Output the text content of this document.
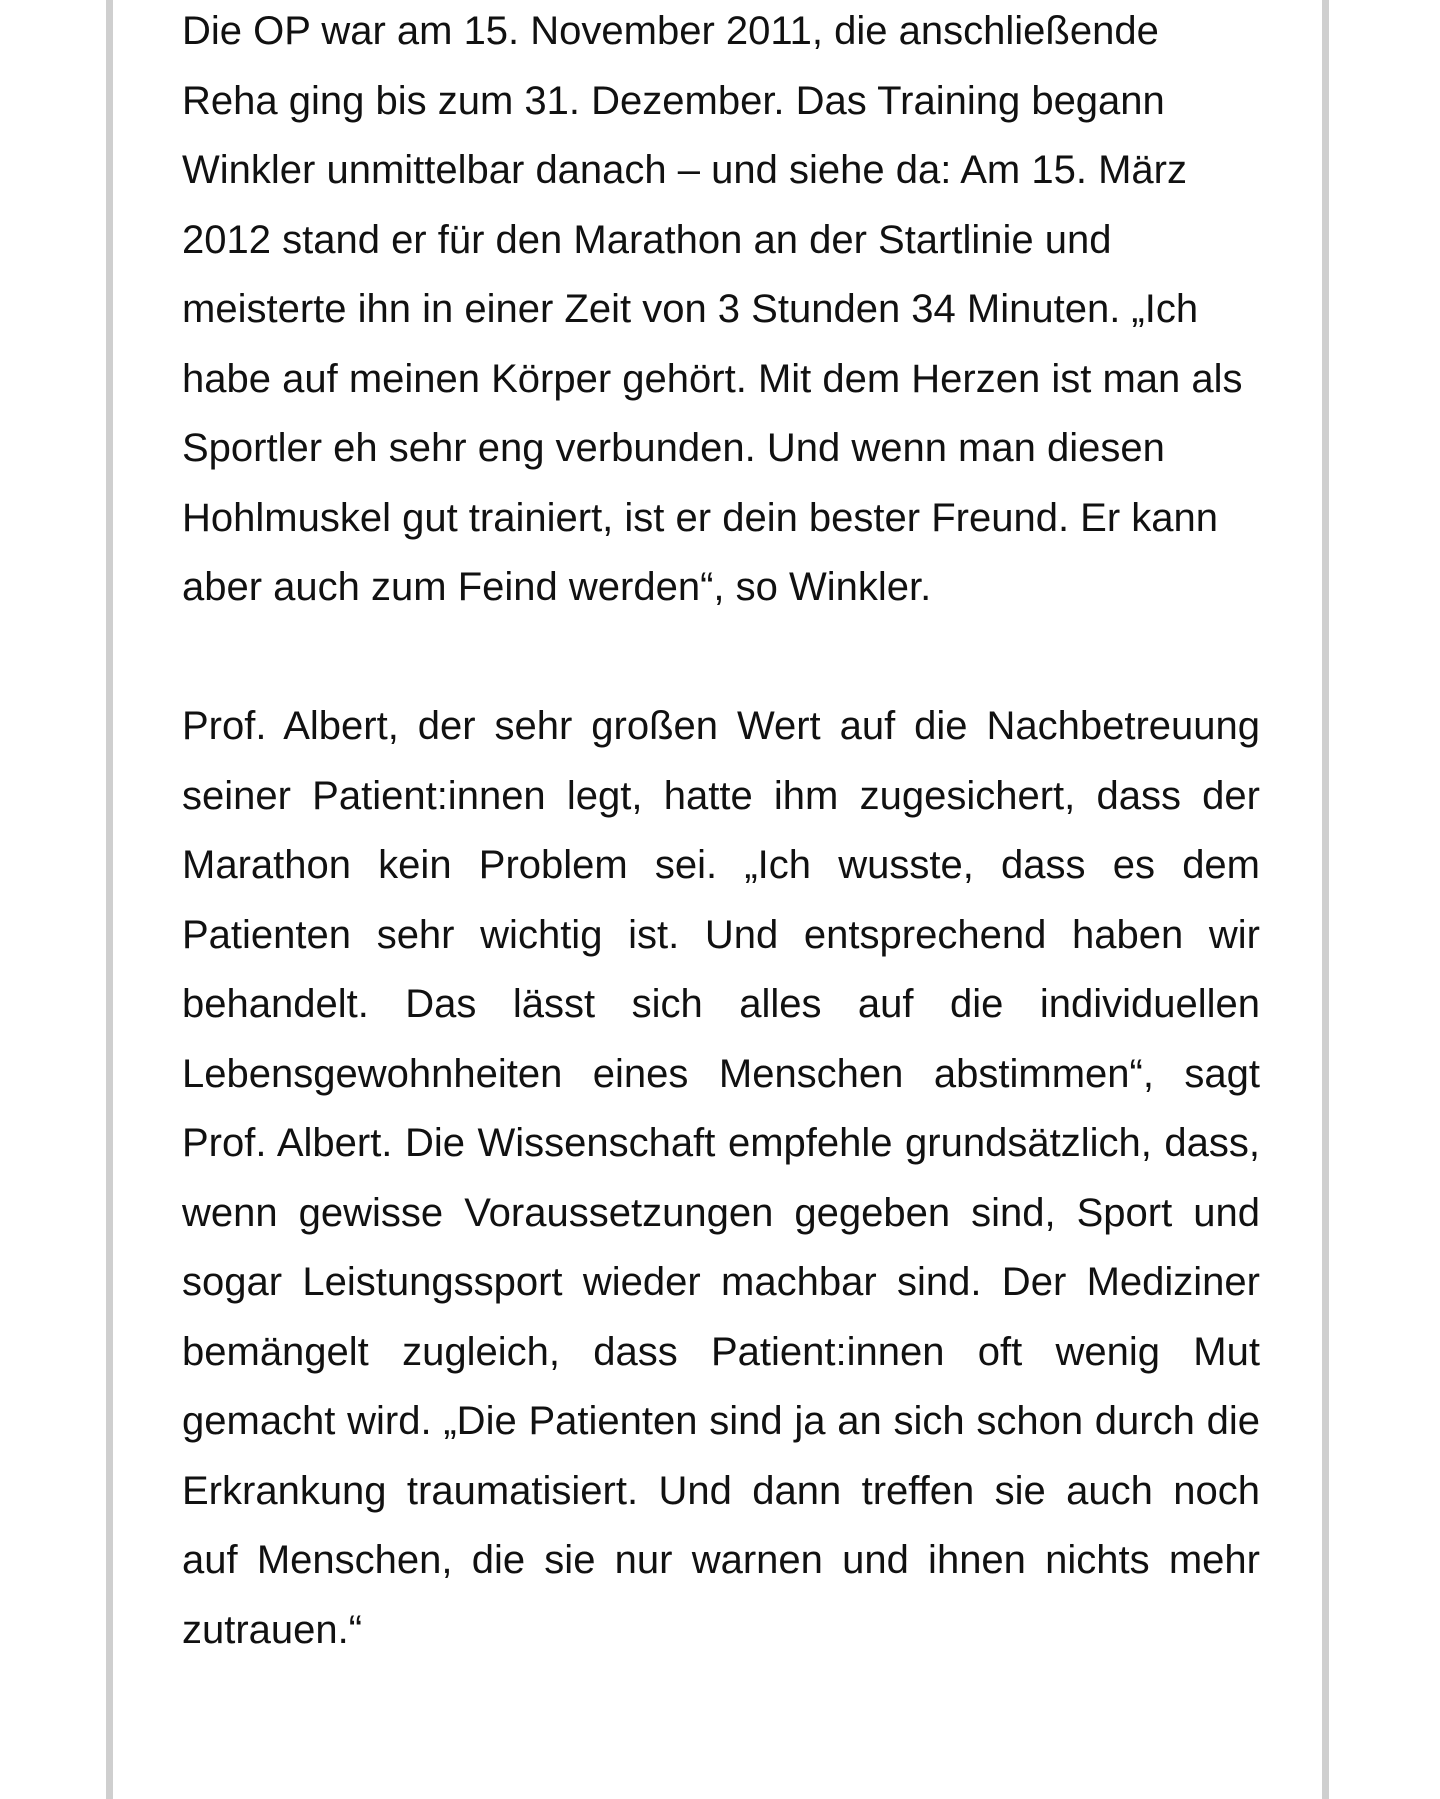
Die OP war am 15. November 2011, die anschließende Reha ging bis zum 31. Dezember. Das Training begann Winkler unmittelbar danach – und siehe da: Am 15. März 2012 stand er für den Marathon an der Startlinie und meisterte ihn in einer Zeit von 3 Stunden 34 Minuten. „Ich habe auf meinen Körper gehört. Mit dem Herzen ist man als Sportler eh sehr eng verbunden. Und wenn man diesen Hohlmuskel gut trainiert, ist er dein bester Freund. Er kann aber auch zum Feind werden“, so Winkler.

Prof. Albert, der sehr großen Wert auf die Nachbetreuung seiner Patient:innen legt, hatte ihm zugesichert, dass der Marathon kein Problem sei. „Ich wusste, dass es dem Patienten sehr wichtig ist. Und entsprechend haben wir behandelt. Das lässt sich alles auf die individuellen Lebensgewohnheiten eines Menschen abstimmen“, sagt Prof. Albert. Die Wissenschaft empfehle grundsätzlich, dass, wenn gewisse Voraussetzungen gegeben sind, Sport und sogar Leistungssport wieder machbar sind. Der Mediziner bemängelt zugleich, dass Patient:innen oft wenig Mut gemacht wird. „Die Patienten sind ja an sich schon durch die Erkrankung traumatisiert. Und dann treffen sie auch noch auf Menschen, die sie nur warnen und ihnen nichts mehr zutrauen.“
